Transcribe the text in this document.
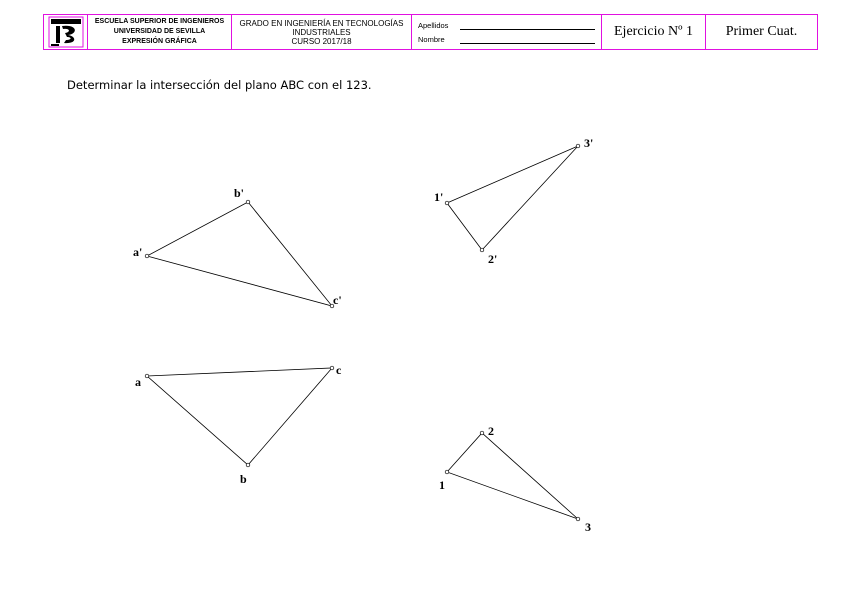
ESCUELA SUPERIOR DE INGENIEROS
UNIVERSIDAD DE SEVILLA
EXPRESIÓN GRÁFICA
GRADO EN INGENIERÍA EN TECNOLOGÍAS
INDUSTRIALES
CURSO 2017/18
Apellidos
Nombre	Ejercicio Nº 1	Primer Cuat.
Determinar la intersección del plano ABC con el 123.
a'
b'
c'
1'
2'
3'
a
b
c
1
2
3
